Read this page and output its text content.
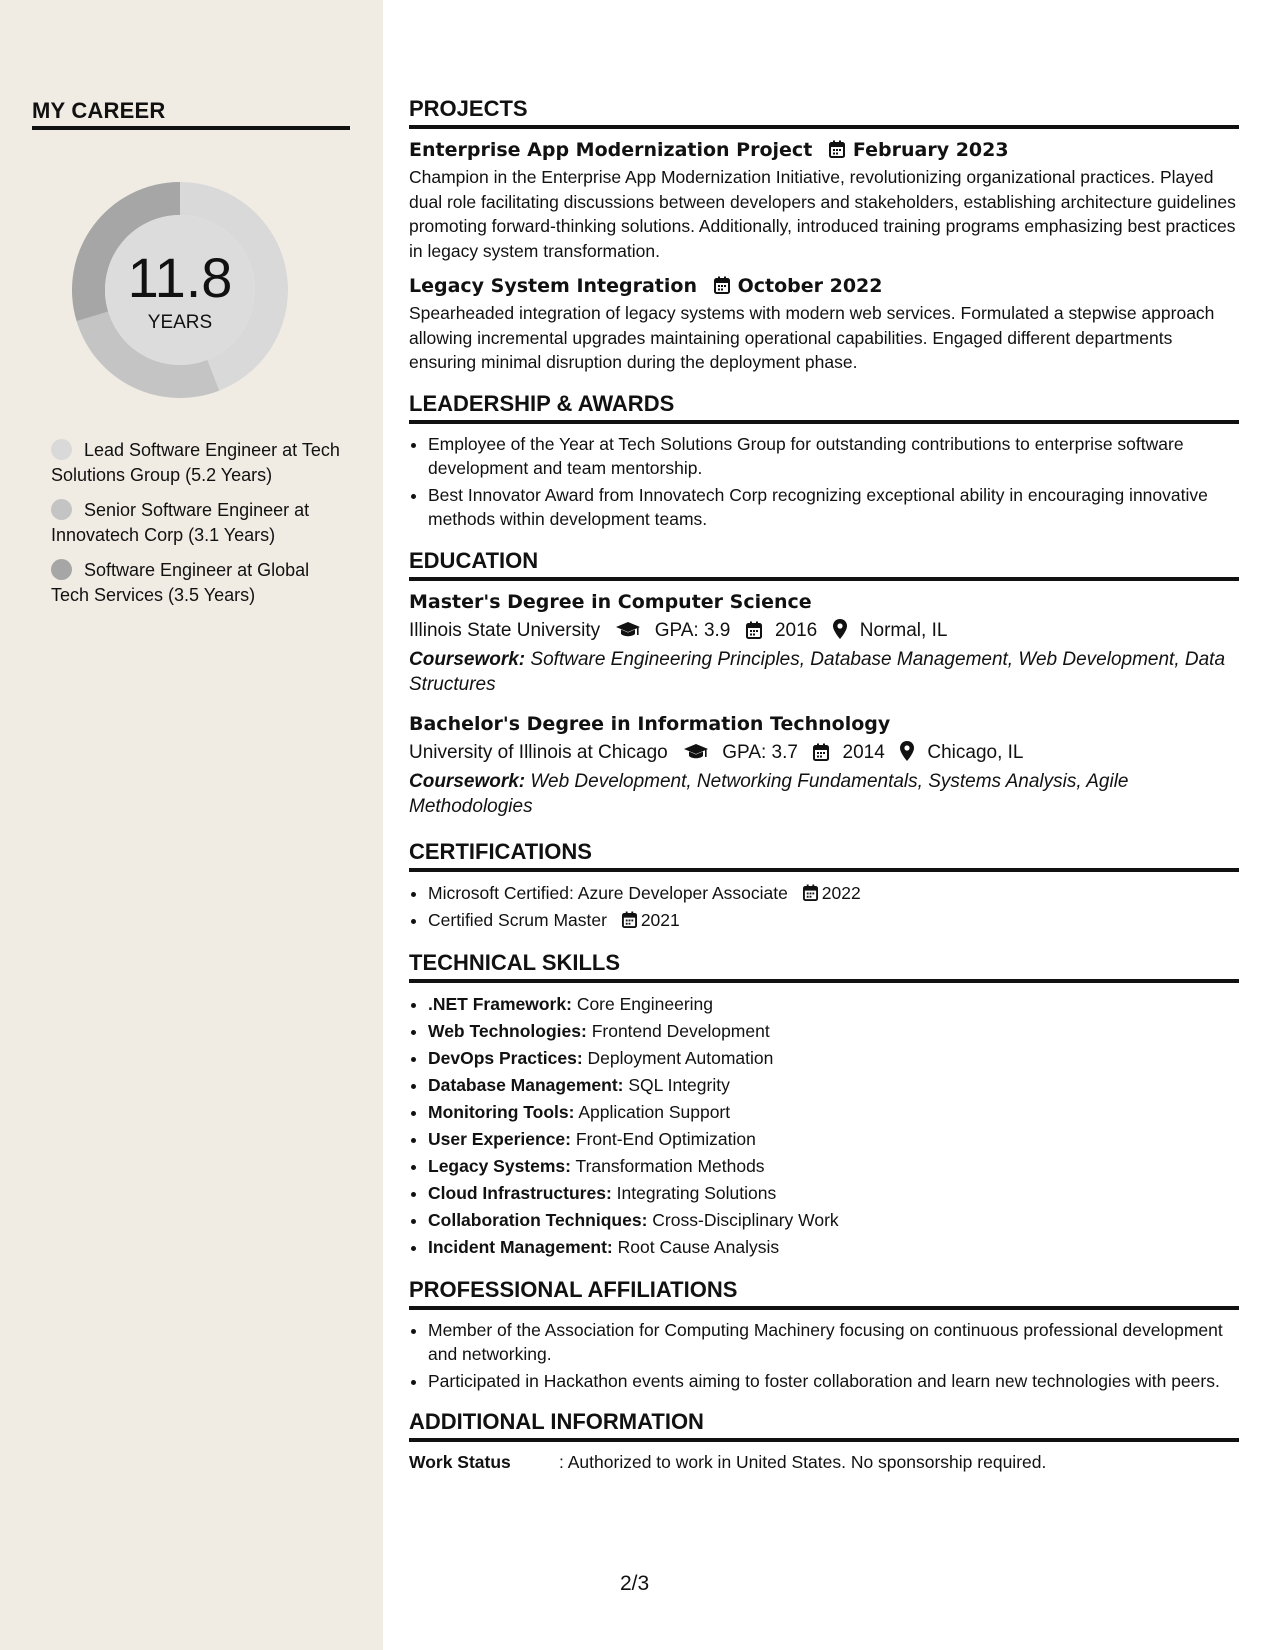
MY CAREER
11.8
YEARS
Lead Software Engineer at Tech Solutions Group (5.2 Years)
Senior Software Engineer at Innovatech Corp (3.1 Years)
Software Engineer at Global Tech Services (3.5 Years)
PROJECTS
Enterprise App Modernization Project February 2023

Champion in the Enterprise App Modernization Initiative, revolutionizing organizational practices. Played dual role facilitating discussions between developers and stakeholders, establishing architecture guidelines promoting forward-thinking solutions. Additionally, introduced training programs emphasizing best practices in legacy system transformation.

Legacy System Integration October 2022

Spearheaded integration of legacy systems with modern web services. Formulated a stepwise approach allowing incremental upgrades maintaining operational capabilities. Engaged different departments ensuring minimal disruption during the deployment phase.

LEADERSHIP & AWARDS
• Employee of the Year at Tech Solutions Group for outstanding contributions to enterprise software development and team mentorship.
• Best Innovator Award from Innovatech Corp recognizing exceptional ability in encouraging innovative methods within development teams.
EDUCATION
Master's Degree in Computer Science
Illinois State University	GPA: 3.9 2016 Normal, IL
Coursework: Software Engineering Principles, Database Management, Web Development, Data Structures
Bachelor's Degree in Information Technology
University of Illinois at Chicago	GPA: 3.7 2014 Chicago, IL
Coursework: Web Development, Networking Fundamentals, Systems Analysis, Agile Methodologies
CERTIFICATIONS
• Microsoft Certified: Azure Developer Associate 2022
• Certified Scrum Master 2021
TECHNICAL SKILLS
• .NET Framework: Core Engineering
• Web Technologies: Frontend Development
• DevOps Practices: Deployment Automation
• Database Management: SQL Integrity
• Monitoring Tools: Application Support
• User Experience: Front-End Optimization
• Legacy Systems: Transformation Methods
• Cloud Infrastructures: Integrating Solutions
• Collaboration Techniques: Cross-Disciplinary Work
• Incident Management: Root Cause Analysis
PROFESSIONAL AFFILIATIONS
• Member of the Association for Computing Machinery focusing on continuous professional development and networking.
• Participated in Hackathon events aiming to foster collaboration and learn new technologies with peers.
ADDITIONAL INFORMATION
Work Status	: Authorized to work in United States. No sponsorship required.
2/3
